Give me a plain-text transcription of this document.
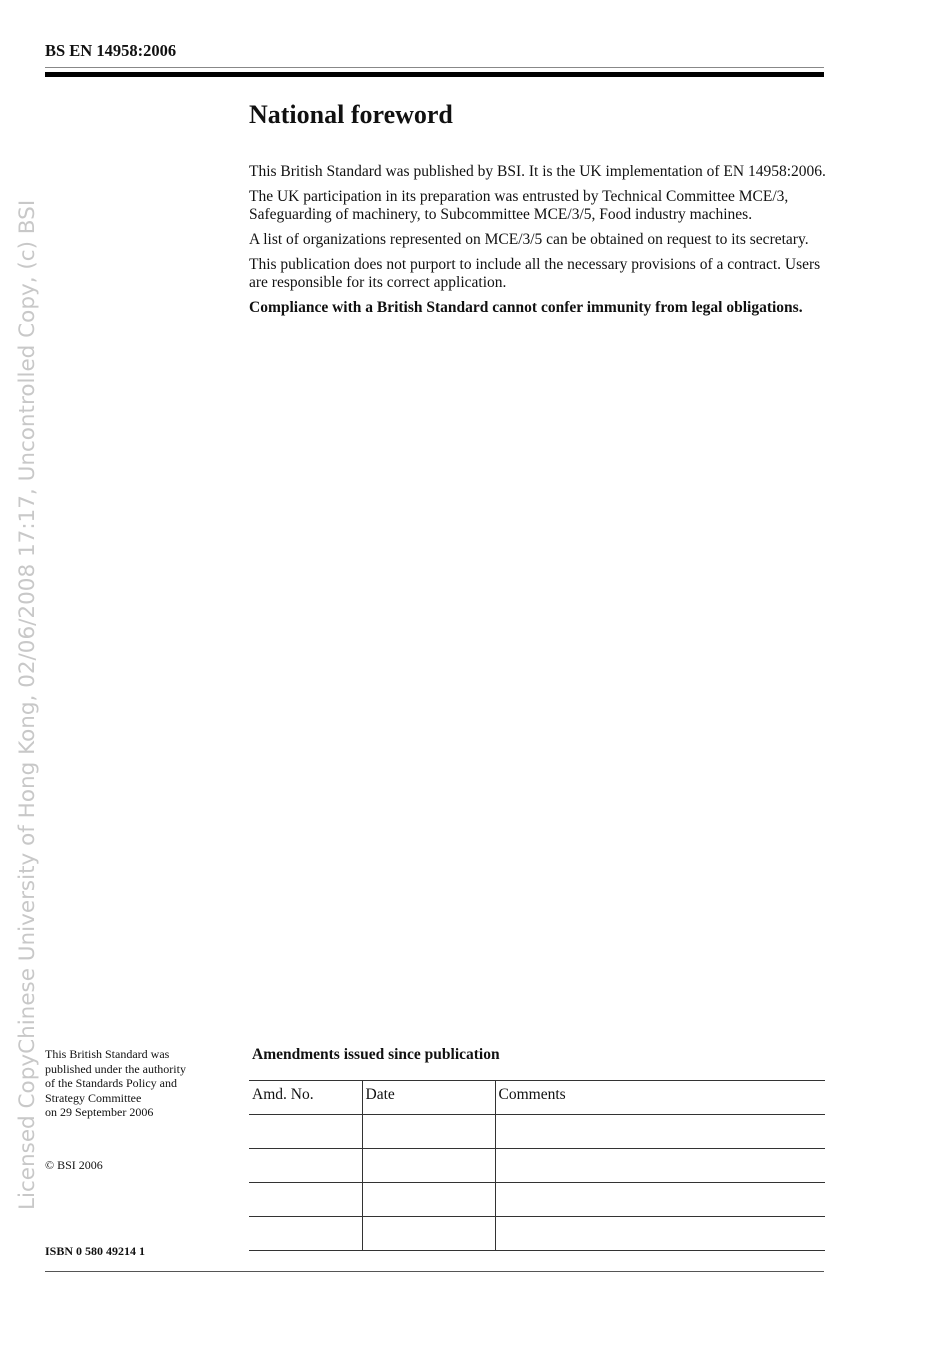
Licensed CopyChinese University of Hong Kong, 02/06/2008 17:17, Uncontrolled Copy, (c) BSI
BS EN 14958:2006
National foreword

This British Standard was published by BSI. It is the UK implementation of EN 14958:2006.

The UK participation in its preparation was entrusted by Technical Committee MCE/3, Safeguarding of machinery, to Subcommittee MCE/3/5, Food industry machines.

A list of organizations represented on MCE/3/5 can be obtained on request to its secretary.

This publication does not purport to include all the necessary provisions of a contract. Users are responsible for its correct application.

Compliance with a British Standard cannot confer immunity from legal obligations.

This British Standard was
published under the authority
of the Standards Policy and
Strategy Committee
on 29 September 2006
© BSI 2006
ISBN 0 580 49214 1
Amendments issued since publication
Amd. No.	Date	Comments
